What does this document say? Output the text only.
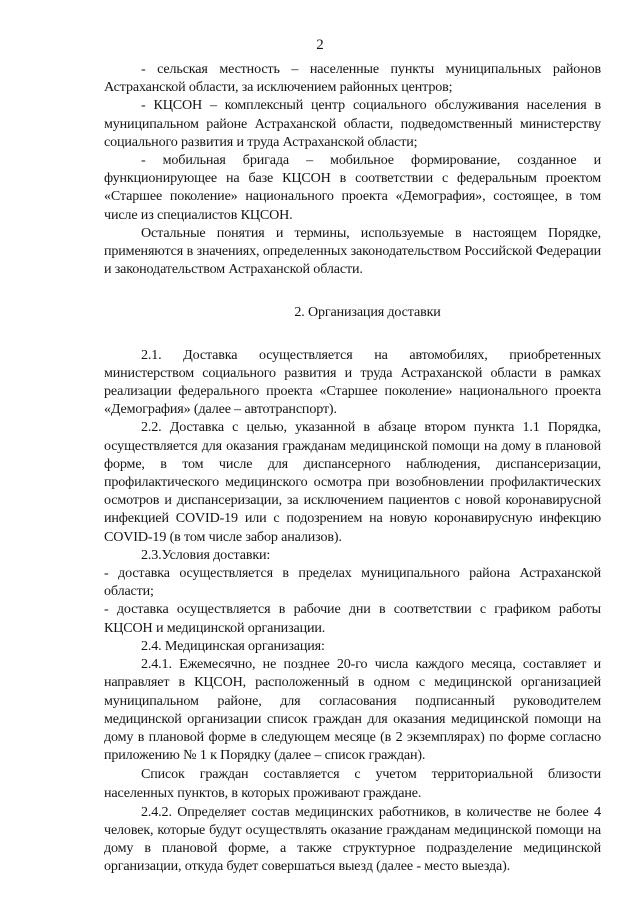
2

- сельская местность – населенные пункты муниципальных районов Астраханской области, за исключением районных центров;

- КЦСОН – комплексный центр социального обслуживания населения в муниципальном районе Астраханской области, подведомственный министерству социального развития и труда Астраханской области;

- мобильная бригада – мобильное формирование, созданное и функционирующее на базе КЦСОН в соответствии с федеральным проектом «Старшее поколение» национального проекта «Демография», состоящее, в том числе из специалистов КЦСОН.

Остальные понятия и термины, используемые в настоящем Порядке, применяются в значениях, определенных законодательством Российской Федерации и законодательством Астраханской области.

2. Организация доставки

2.1. Доставка осуществляется на автомобилях, приобретенных министерством социального развития и труда Астраханской области в рамках реализации федерального проекта «Старшее поколение» национального проекта «Демография» (далее – автотранспорт).

2.2. Доставка с целью, указанной в абзаце втором пункта 1.1 Порядка, осуществляется для оказания гражданам медицинской помощи на дому в плановой форме, в том числе для диспансерного наблюдения, диспансеризации, профилактического медицинского осмотра при возобновлении профилактических осмотров и диспансеризации, за исключением пациентов с новой коронавирусной инфекцией COVID-19 или с подозрением на новую коронавирусную инфекцию COVID-19 (в том числе забор анализов).

2.3.Условия доставки:

- доставка осуществляется в пределах муниципального района Астраханской области;

- доставка осуществляется в рабочие дни в соответствии с графиком работы КЦСОН и медицинской организации.

2.4. Медицинская организация:

2.4.1. Ежемесячно, не позднее 20-го числа каждого месяца, составляет и направляет в КЦСОН, расположенный в одном с медицинской организацией муниципальном районе, для согласования подписанный руководителем медицинской организации список граждан для оказания медицинской помощи на дому в плановой форме в следующем месяце (в 2 экземплярах) по форме согласно приложению № 1 к Порядку (далее – список граждан).

Список граждан составляется с учетом территориальной близости населенных пунктов, в которых проживают граждане.

2.4.2. Определяет состав медицинских работников, в количестве не более 4 человек, которые будут осуществлять оказание гражданам медицинской помощи на дому в плановой форме, а также структурное подразделение медицинской организации, откуда будет совершаться выезд (далее - место выезда).
